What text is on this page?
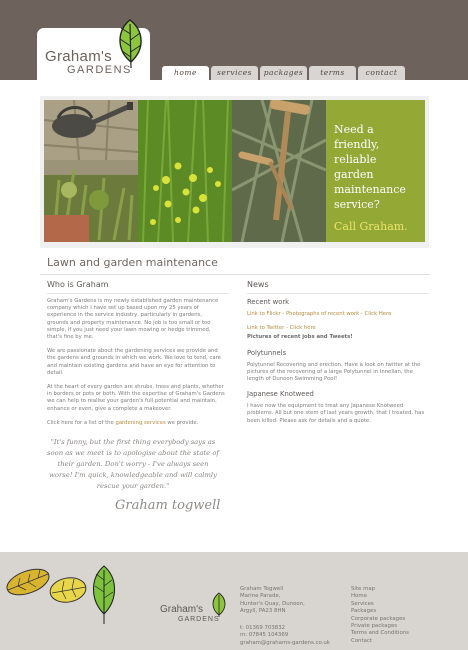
Graham's
GARDENS	home	services	packages	terms	contact
Need a friendly,
reliable garden
maintenance
service?
Call Graham.
Lawn and garden maintenance
Who is Graham

Graham's Gardens is my newly established garden maintenance company which I have set up based upon my 25 years of experience in the service industry, particularly in gardens, grounds and property maintenance. No job is too small or too simple, if you just need your lawn mowing or hedge trimmed, that's fine by me.

We are passionate about the gardening services we provide and the gardens and grounds in which we work. We love to tend, care and maintain existing gardens and have an eye for attention to detail.

At the heart of every garden are shrubs, trees and plants, whether in borders or pots or both. With the expertise of Graham's Gardens we can help to realise your garden's full potential and maintain, enhance or even, give a complete a makeover.

Click here for a list of the gardening services we provide.

"It's funny, but the first thing everybody says as soon as we meet is to apologise about the state of their garden. Don't worry - I've always seen worse! I'm quick, knowledgeable and will calmly rescue your garden."
Graham togwell
News
Recent work

Link to Flickr - Photographs of recent work - Click Here

Link to Twitter - Click here

Pictures of recent jobs and Tweets!

Polytunnels

Polytunnel Recovering and erection. Have a look on twitter at the pictures of the recovering of a large Polytunnel in Innellan, the length of Dunoon Swimming Pool!

Japanese Knotweed

I have now the equipment to treat any Japanese Knotweed problems. All but one stem of last years growth, that I treated, has been killed. Please ask for details and a quote.

Graham's
GARDENS
Graham Togwell
Marine Parade,
Hunter's Quay, Dunoon,
Argyll, PA23 8HN
t: 01369 703832
m: 07845 104369
graham@grahams-gardens.co.uk
Site map
Home
Services
Packages
Corporate packages
Private packages
Terms and Conditions
Contact
